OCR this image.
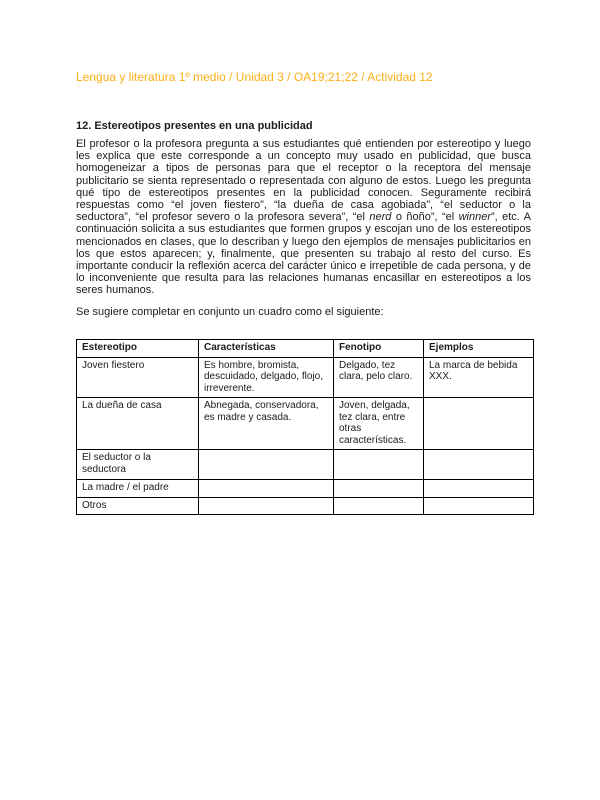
Lengua y literatura 1º medio / Unidad 3 / OA19;21;22 / Actividad 12
12. Estereotipos presentes en una publicidad
El profesor o la profesora pregunta a sus estudiantes qué entienden por estereotipo y luego les explica que este corresponde a un concepto muy usado en publicidad, que busca homogeneizar a tipos de personas para que el receptor o la receptora del mensaje publicitario se sienta representado o representada con alguno de estos. Luego les pregunta qué tipo de estereotipos presentes en la publicidad conocen. Seguramente recibirá respuestas como “el joven fiestero”, “la dueña de casa agobiada”, “el seductor o la seductora”, “el profesor severo o la profesora severa”, “el nerd o ñoño”, “el winner”, etc. A continuación solicita a sus estudiantes que formen grupos y escojan uno de los estereotipos mencionados en clases, que lo describan y luego den ejemplos de mensajes publicitarios en los que estos aparecen; y, finalmente, que presenten su trabajo al resto del curso. Es importante conducir la reflexión acerca del carácter único e irrepetible de cada persona, y de lo inconveniente que resulta para las relaciones humanas encasillar en estereotipos a los seres humanos.
Se sugiere completar en conjunto un cuadro como el siguiente:
Estereotipo	Características	Fenotipo	Ejemplos
Joven fiestero	Es hombre, bromista, descuidado, delgado, flojo, irreverente.	Delgado, tez clara, pelo claro.	La marca de bebida XXX.
La dueña de casa	Abnegada, conservadora, es madre y casada.	Joven, delgada, tez clara, entre otras características.	
El seductor o la seductora			
La madre / el padre			
Otros			
